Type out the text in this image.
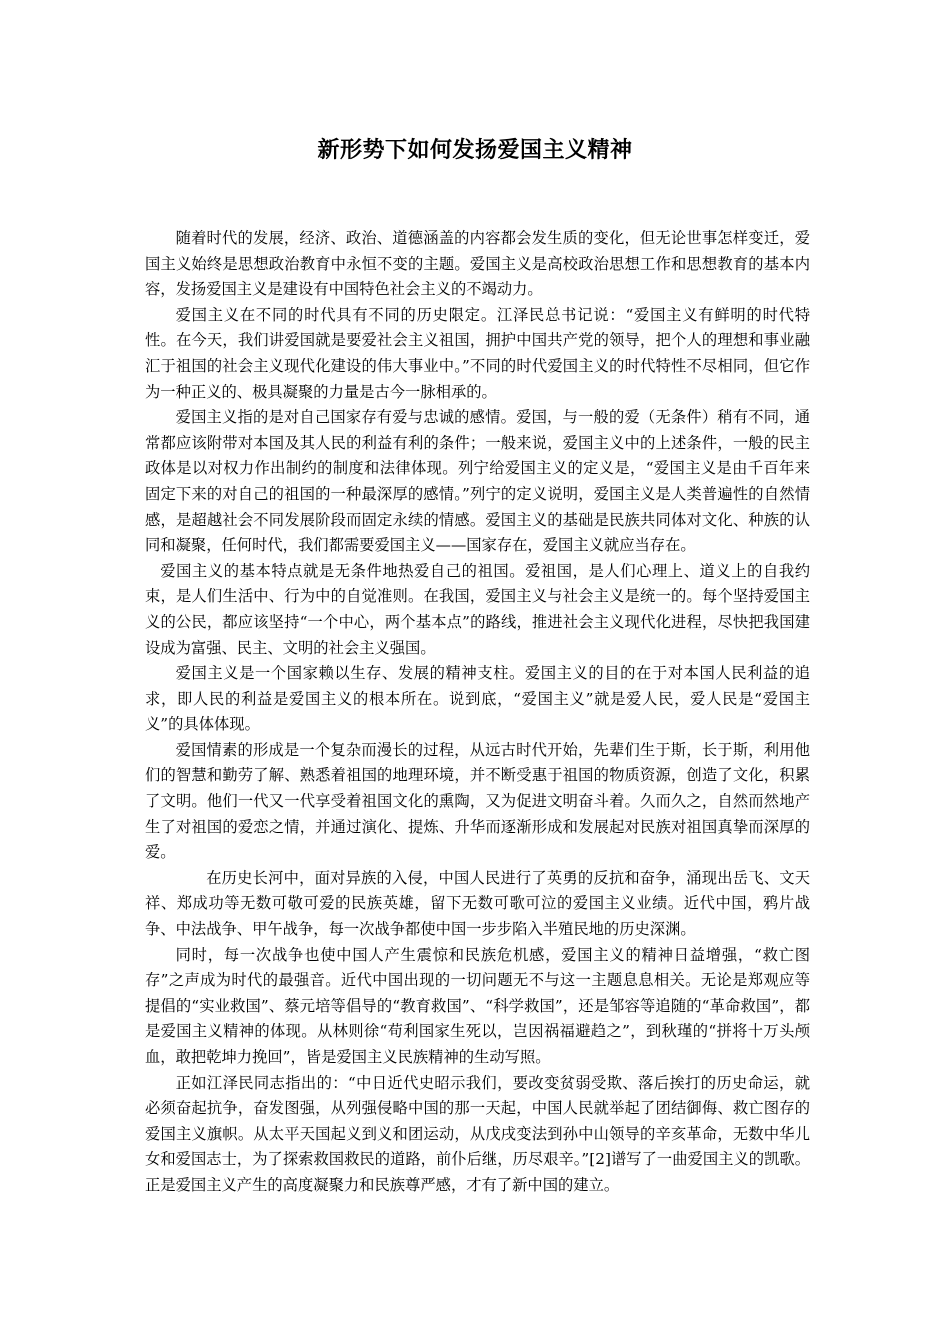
新形势下如何发扬爱国主义精神

随着时代的发展，经济、政治、道德涵盖的内容都会发生质的变化，但无论世事怎样变迁，爱国主义始终是思想政治教育中永恒不变的主题。爱国主义是高校政治思想工作和思想教育的基本内容，发扬爱国主义是建设有中国特色社会主义的不竭动力。

爱国主义在不同的时代具有不同的历史限定。江泽民总书记说：“爱国主义有鲜明的时代特性。在今天，我们讲爱国就是要爱社会主义祖国，拥护中国共产党的领导，把个人的理想和事业融汇于祖国的社会主义现代化建设的伟大事业中。”不同的时代爱国主义的时代特性不尽相同，但它作为一种正义的、极具凝聚的力量是古今一脉相承的。

爱国主义指的是对自己国家存有爱与忠诚的感情。爱国，与一般的爱（无条件）稍有不同，通常都应该附带对本国及其人民的利益有利的条件；一般来说，爱国主义中的上述条件，一般的民主政体是以对权力作出制约的制度和法律体现。列宁给爱国主义的定义是，“爱国主义是由千百年来固定下来的对自己的祖国的一种最深厚的感情。”列宁的定义说明，爱国主义是人类普遍性的自然情感，是超越社会不同发展阶段而固定永续的情感。爱国主义的基础是民族共同体对文化、种族的认同和凝聚，任何时代，我们都需要爱国主义——国家存在，爱国主义就应当存在。

爱国主义的基本特点就是无条件地热爱自己的祖国。爱祖国，是人们心理上、道义上的自我约束，是人们生活中、行为中的自觉准则。在我国，爱国主义与社会主义是统一的。每个坚持爱国主义的公民，都应该坚持“一个中心，两个基本点”的路线，推进社会主义现代化进程，尽快把我国建设成为富强、民主、文明的社会主义强国。

爱国主义是一个国家赖以生存、发展的精神支柱。爱国主义的目的在于对本国人民利益的追求，即人民的利益是爱国主义的根本所在。说到底，“爱国主义”就是爱人民，爱人民是“爱国主义”的具体体现。

爱国情素的形成是一个复杂而漫长的过程，从远古时代开始，先辈们生于斯，长于斯，利用他们的智慧和勤劳了解、熟悉着祖国的地理环境，并不断受惠于祖国的物质资源，创造了文化，积累了文明。他们一代又一代享受着祖国文化的熏陶，又为促进文明奋斗着。久而久之，自然而然地产生了对祖国的爱恋之情，并通过演化、提炼、升华而逐渐形成和发展起对民族对祖国真挚而深厚的爱。

在历史长河中，面对异族的入侵，中国人民进行了英勇的反抗和奋争，涌现出岳飞、文天祥、郑成功等无数可敬可爱的民族英雄，留下无数可歌可泣的爱国主义业绩。近代中国，鸦片战争、中法战争、甲午战争，每一次战争都使中国一步步陷入半殖民地的历史深渊。

同时，每一次战争也使中国人产生震惊和民族危机感，爱国主义的精神日益增强，“救亡图存”之声成为时代的最强音。近代中国出现的一切问题无不与这一主题息息相关。无论是郑观应等提倡的“实业救国”、蔡元培等倡导的“教育救国”、“科学救国”，还是邹容等追随的“革命救国”，都是爱国主义精神的体现。从林则徐“苟利国家生死以，岂因祸福避趋之”，到秋瑾的“拼将十万头颅血，敢把乾坤力挽回”，皆是爱国主义民族精神的生动写照。

正如江泽民同志指出的：“中日近代史昭示我们，要改变贫弱受欺、落后挨打的历史命运，就必须奋起抗争，奋发图强，从列强侵略中国的那一天起，中国人民就举起了团结御侮、救亡图存的爱国主义旗帜。从太平天国起义到义和团运动，从戊戌变法到孙中山领导的辛亥革命，无数中华儿女和爱国志士，为了探索救国救民的道路，前仆后继，历尽艰辛。”[2]谱写了一曲爱国主义的凯歌。正是爱国主义产生的高度凝聚力和民族尊严感，才有了新中国的建立。
